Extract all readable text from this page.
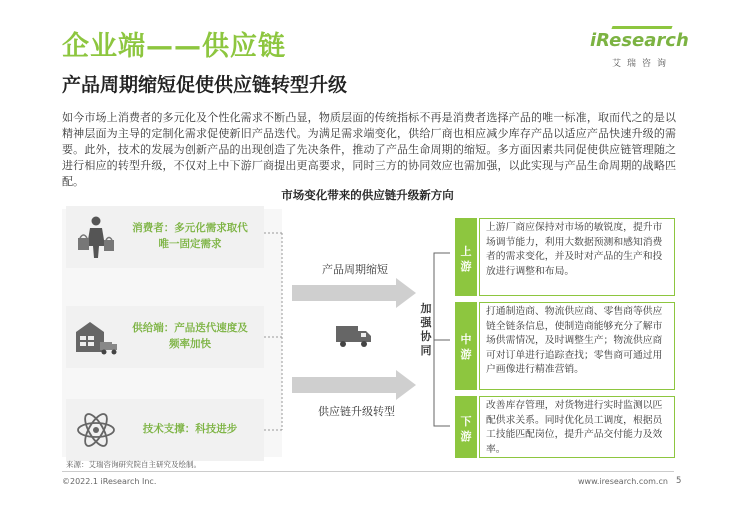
企业端——供应链
产品周期缩短促使供应链转型升级
iResearch
艾瑞咨询
如今市场上消费者的多元化及个性化需求不断凸显，物质层面的传统指标不再是消费者选择产品的唯一标准，取而代之的是以精神层面为主导的定制化需求促使新旧产品迭代。为满足需求端变化，供给厂商也相应减少库存产品以适应产品快速升级的需要。此外，技术的发展为创新产品的出现创造了先决条件，推动了产品生命周期的缩短。多方面因素共同促使供应链管理随之进行相应的转型升级，不仅对上中下游厂商提出更高要求，同时三方的协同效应也需加强，以此实现与产品生命周期的战略匹配。
市场变化带来的供应链升级新方向
消费者：多元化需求取代唯一固定需求
供给端：产品迭代速度及频率加快
技术支撑：科技进步
产品周期缩短
供应链升级转型
加
强
协
同
上
游
上游厂商应保持对市场的敏锐度，提升市场调节能力，利用大数据预测和感知消费者的需求变化，并及时对产品的生产和投放进行调整和布局。
中
游
打通制造商、物流供应商、零售商等供应链全链条信息，使制造商能够充分了解市场供需情况，及时调整生产；物流供应商可对订单进行追踪查找；零售商可通过用户画像进行精准营销。
下
游
改善库存管理，对货物进行实时监测以匹配供求关系。同时优化员工调度，根据员工技能匹配岗位，提升产品交付能力及效率。
来源：艾瑞咨询研究院自主研究及绘制。
©2022.1 iResearch Inc.	www.iresearch.com.cn 5
